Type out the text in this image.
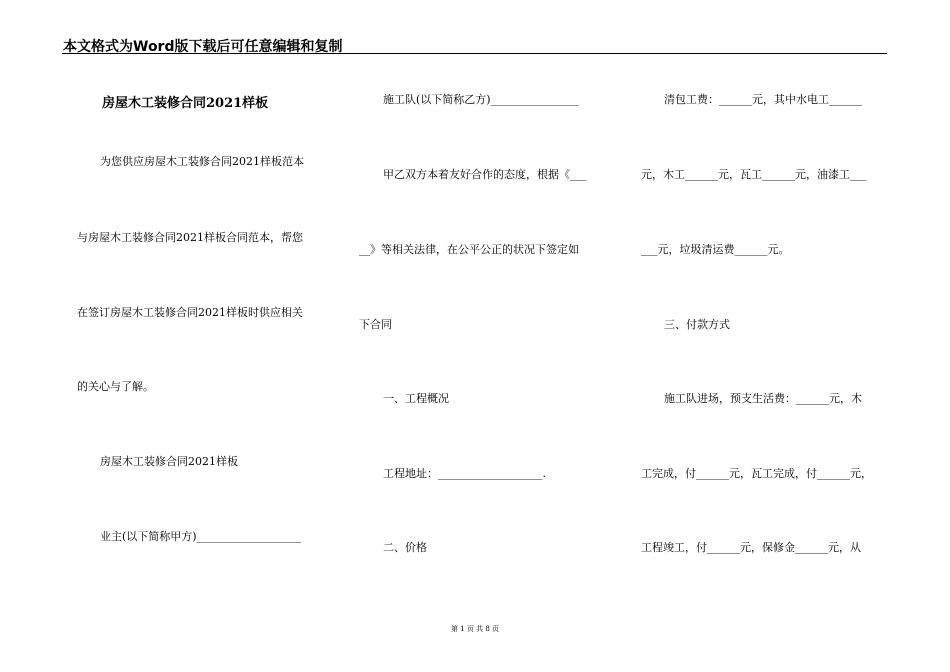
本文格式为Word版下载后可任意编辑和复制
房屋木工装修合同2021样板
为您供应房屋木工装修合同2021样板范本
与房屋木工装修合同2021样板合同范本，帮您
在签订房屋木工装修合同2021样板时供应相关
的关心与了解。
房屋木工装修合同2021样板
业主(以下简称甲方)___________________
施工队(以下简称乙方)________________
甲乙双方本着友好合作的态度，根据《___
__》等相关法律，在公平公正的状况下签定如
下合同
一、工程概况
工程地址：___________________.
二、价格
清包工费：______元，其中水电工______
元，木工______元，瓦工______元，油漆工___
___元，垃圾清运费______元。
三、付款方式
施工队进场，预支生活费：______元，木
工完成，付______元，瓦工完成，付______元，
工程竣工，付______元，保修金______元，从
第 1 页 共 8 页
